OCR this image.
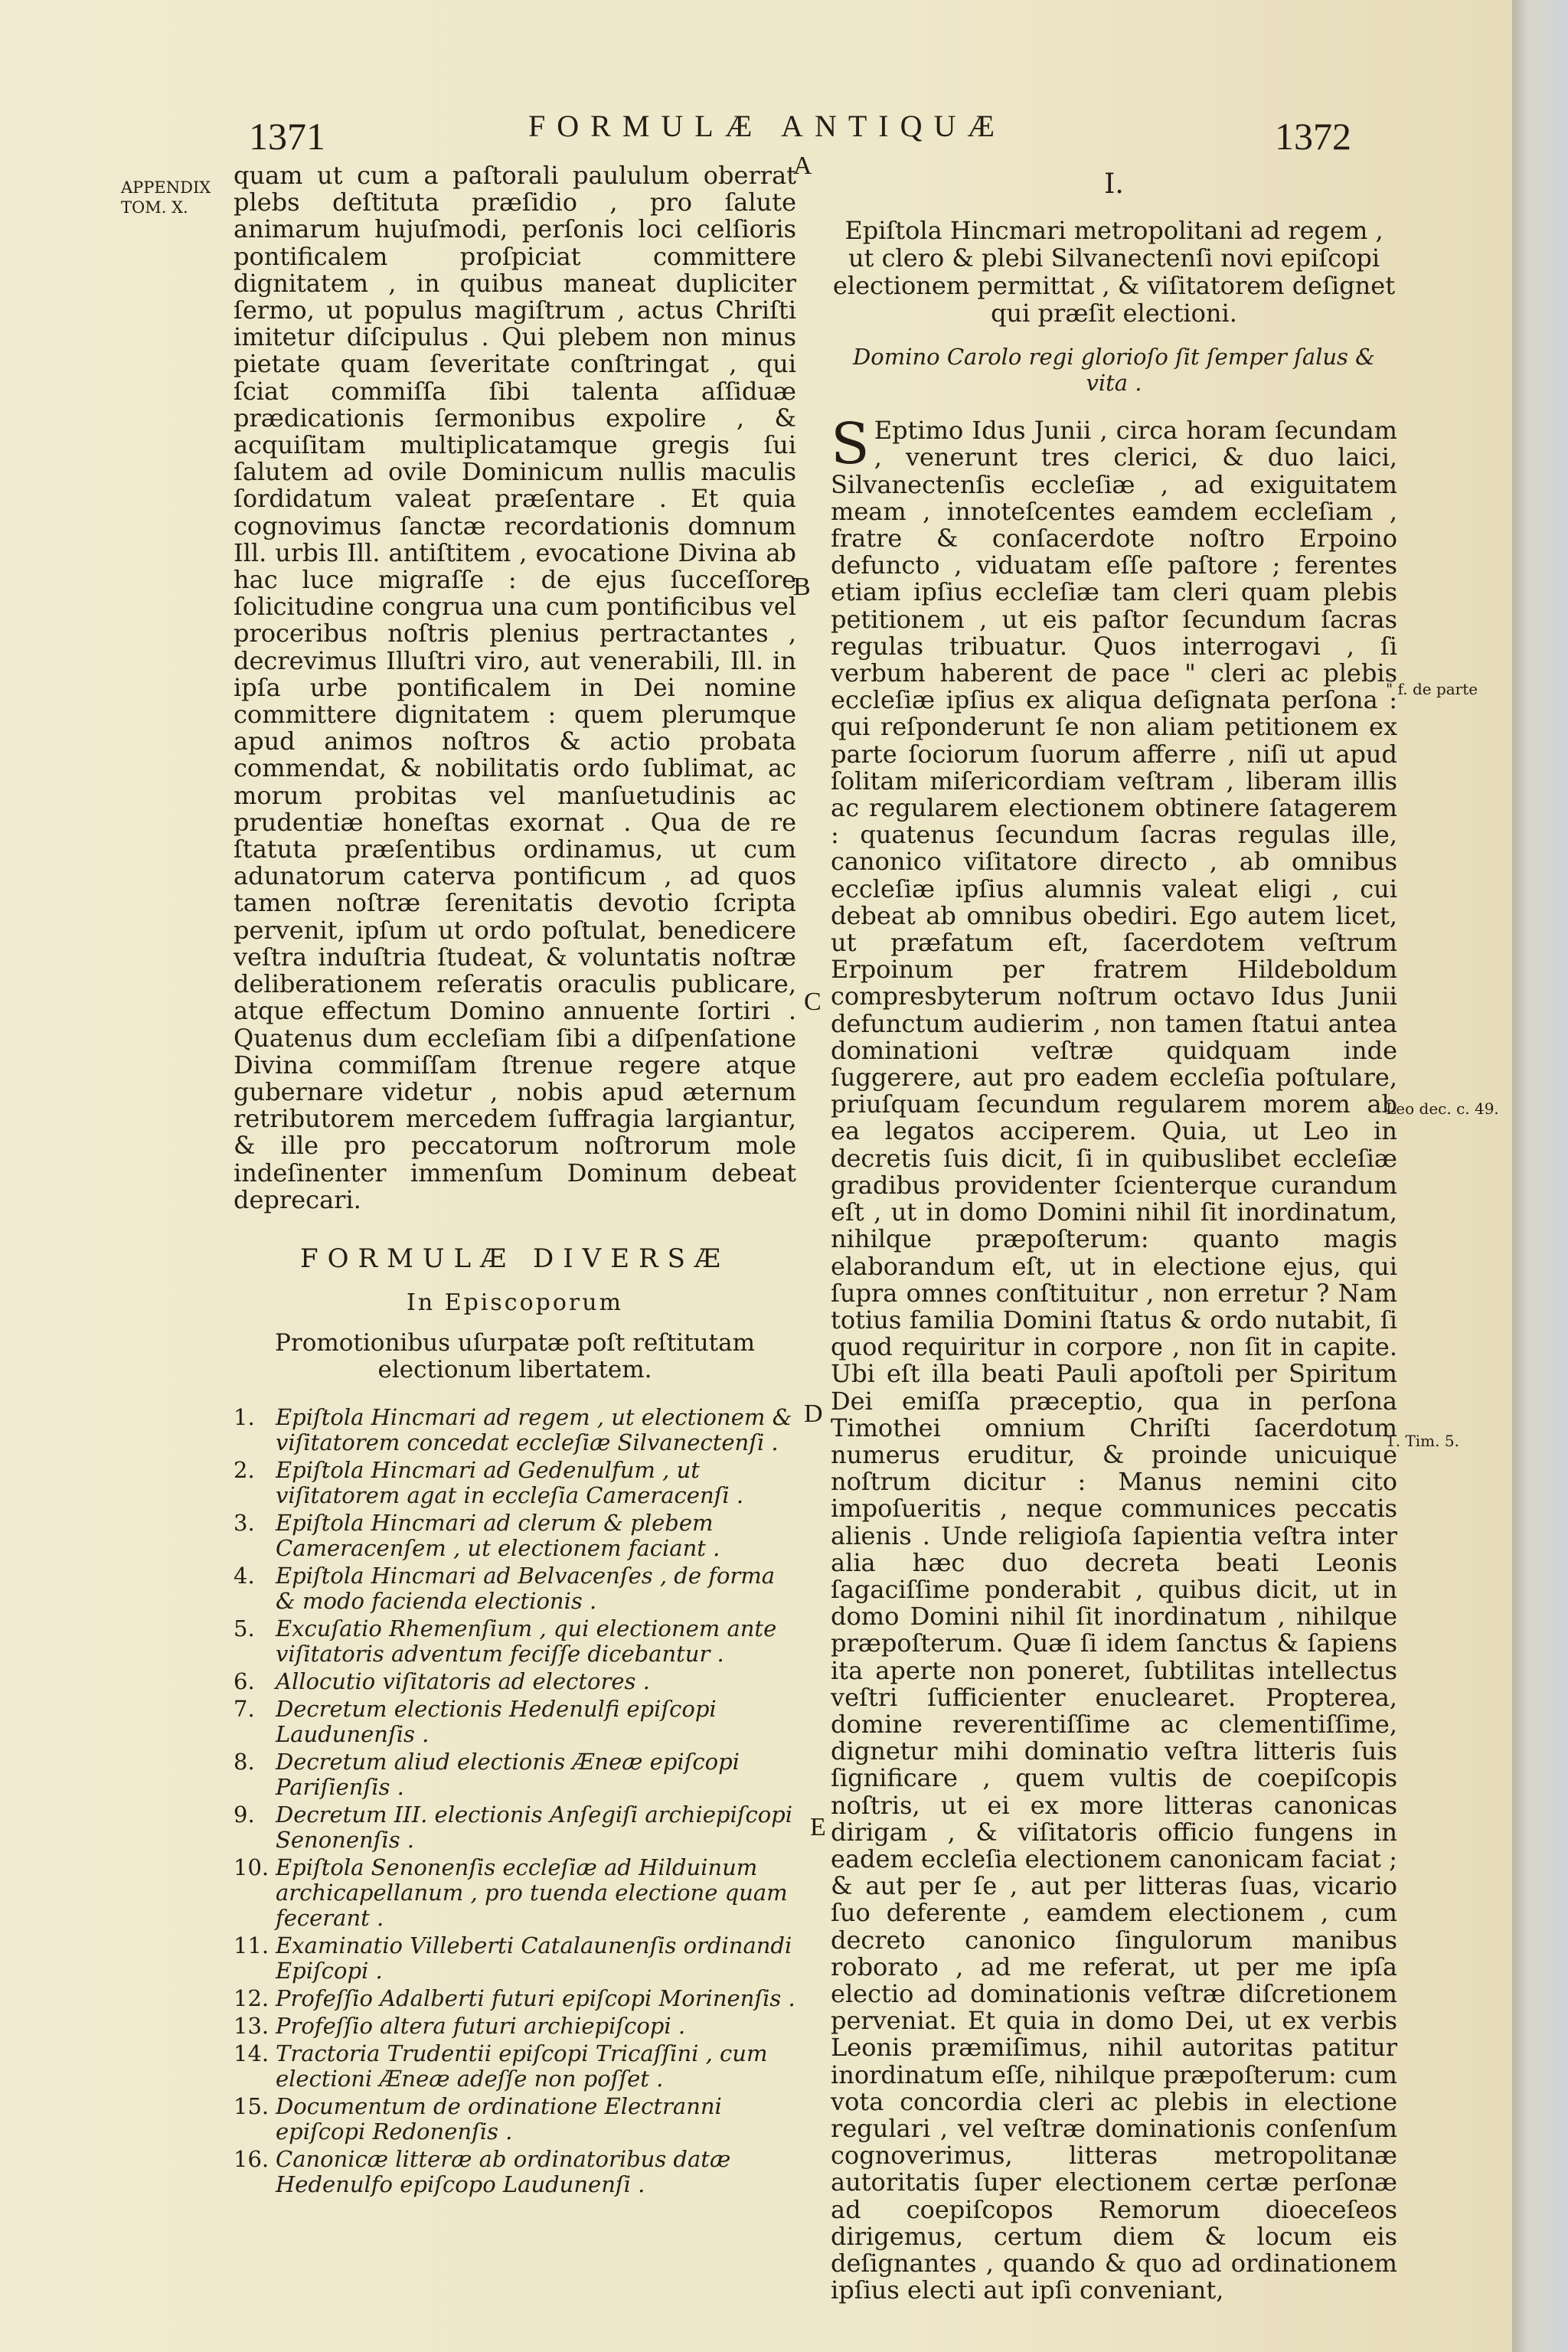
1371	FORMULÆ ANTIQUÆ	1372
APPENDIX
TOM. X.
A
B
C
D
E

quam ut cum a paſtorali paululum oberrat plebs deſtituta præſidio , pro ſalute animarum hujuſmodi, perſonis loci celſioris pontificalem proſpiciat committere dignitatem , in quibus maneat dupliciter ſermo, ut populus magiſtrum , actus Chriſti imitetur diſcipulus . Qui plebem non minus pietate quam ſeveritate conſtringat , qui ſciat commiſſa ſibi talenta aſſiduæ prædicationis ſermonibus expolire , & acquiſitam multiplicatamque gregis ſui ſalutem ad ovile Dominicum nullis maculis ſordidatum valeat præſentare . Et quia cognovimus ſanctæ recordationis domnum Ill. urbis Ill. antiſtitem , evocatione Divina ab hac luce migraſſe : de ejus ſucceſſore ſolicitudine congrua una cum pontificibus vel proceribus noſtris plenius pertractantes , decrevimus Illuſtri viro, aut venerabili, Ill. in ipſa urbe pontificalem in Dei nomine committere dignitatem : quem plerumque apud animos noſtros & actio probata commendat, & nobilitatis ordo ſublimat, ac morum probitas vel manſuetudinis ac prudentiæ honeſtas exornat . Qua de re ſtatuta præſentibus ordinamus, ut cum adunatorum caterva pontificum , ad quos tamen noſtræ ſerenitatis devotio ſcripta pervenit, ipſum ut ordo poſtulat, benedicere veſtra induſtria ſtudeat, & voluntatis noſtræ deliberationem reſeratis oraculis publicare, atque effectum Domino annuente ſortiri . Quatenus dum eccleſiam ſibi a diſpenſatione Divina commiſſam ſtrenue regere atque gubernare videtur , nobis apud æternum retributorem mercedem ſuffragia largiantur, & ille pro peccatorum noſtrorum mole indeſinenter immenſum Dominum debeat deprecari.

FORMULÆ DIVERSÆ
In Episcoporum
Promotionibus uſurpatæ poſt reſtitutam electionum libertatem.
1. Epiſtola Hincmari ad regem , ut electionem & viſitatorem concedat eccleſiæ Silvanectenſi .
2. Epiſtola Hincmari ad Gedenulfum , ut viſitatorem agat in eccleſia Cameracenſi .
3. Epiſtola Hincmari ad clerum & plebem Cameracenſem , ut electionem faciant .
4. Epiſtola Hincmari ad Belvacenſes , de forma & modo facienda electionis .
5. Excuſatio Rhemenſium , qui electionem ante viſitatoris adventum feciſſe dicebantur .
6. Allocutio viſitatoris ad electores .
7. Decretum electionis Hedenulfi epiſcopi Laudunenſis .
8. Decretum aliud electionis Æneæ epiſcopi Pariſienſis .
9. Decretum III. electionis Anſegiſi archiepiſcopi Senonenſis .
10. Epiſtola Senonenſis eccleſiæ ad Hilduinum archicapellanum , pro tuenda electione quam fecerant .
11. Examinatio Villeberti Catalaunenſis ordinandi Epiſcopi .
12. Profeſſio Adalberti futuri epiſcopi Morinenſis .
13. Profeſſio altera futuri archiepiſcopi .
14. Tractoria Trudentii epiſcopi Tricaſſini , cum electioni Æneæ adeſſe non poſſet .
15. Documentum de ordinatione Electranni epiſcopi Redonenſis .
16. Canonicæ litteræ ab ordinatoribus datæ Hedenulfo epiſcopo Laudunenſi .
I.
Epiſtola Hincmari metropolitani ad regem , ut clero & plebi Silvanectenſi novi epiſcopi electionem permittat , & viſitatorem deſignet qui præſit electioni.
Domino Carolo regi glorioſo ſit ſemper ſalus & vita .

S Eptimo Idus Junii , circa horam ſecundam , venerunt tres clerici, & duo laici, Silvanectenſis eccleſiæ , ad exiguitatem meam , innoteſcentes eamdem eccleſiam , fratre & conſacerdote noſtro Erpoino defuncto , viduatam eſſe paſtore ; ferentes etiam ipſius eccleſiæ tam cleri quam plebis petitionem , ut eis paſtor ſecundum ſacras regulas tribuatur. Quos interrogavi , ſi verbum haberent de pace " cleri ac plebis eccleſiæ ipſius ex aliqua deſignata perſona : qui reſponderunt ſe non aliam petitionem ex parte ſociorum ſuorum afferre , niſi ut apud ſolitam miſericordiam veſtram , liberam illis ac regularem electionem obtinere ſatagerem : quatenus ſecundum ſacras regulas ille, canonico viſitatore directo , ab omnibus eccleſiæ ipſius alumnis valeat eligi , cui debeat ab omnibus obediri. Ego autem licet, ut præfatum eſt, ſacerdotem veſtrum Erpoinum per fratrem Hildeboldum compresbyterum noſtrum octavo Idus Junii defunctum audierim , non tamen ſtatui antea dominationi veſtræ quidquam inde ſuggerere, aut pro eadem eccleſia poſtulare, priuſquam ſecundum regularem morem ab ea legatos acciperem. Quia, ut Leo in decretis ſuis dicit, ſi in quibuslibet eccleſiæ gradibus providenter ſcienterque curandum eſt , ut in domo Domini nihil ſit inordinatum, nihilque præpoſterum: quanto magis elaborandum eſt, ut in electione ejus, qui ſupra omnes conſtituitur , non erretur ? Nam totius familia Domini ſtatus & ordo nutabit, ſi quod requiritur in corpore , non ſit in capite. Ubi eſt illa beati Pauli apoſtoli per Spiritum Dei emiſſa præceptio, qua in perſona Timothei omnium Chriſti ſacerdotum numerus eruditur, & proinde unicuique noſtrum dicitur : Manus nemini cito impoſueritis , neque communices peccatis alienis . Unde religioſa ſapientia veſtra inter alia hæc duo decreta beati Leonis ſagaciſſime ponderabit , quibus dicit, ut in domo Domini nihil ſit inordinatum , nihilque præpoſterum. Quæ ſi idem ſanctus & ſapiens ita aperte non poneret, ſubtilitas intellectus veſtri ſufficienter enuclearet. Propterea, domine reverentiſſime ac clementiſſime, dignetur mihi dominatio veſtra litteris ſuis ſignificare , quem vultis de coepiſcopis noſtris, ut ei ex more litteras canonicas dirigam , & viſitatoris officio fungens in eadem eccleſia electionem canonicam faciat ; & aut per ſe , aut per litteras ſuas, vicario ſuo deferente , eamdem electionem , cum decreto canonico ſingulorum manibus roborato , ad me referat, ut per me ipſa electio ad dominationis veſtræ diſcretionem perveniat. Et quia in domo Dei, ut ex verbis Leonis præmiſimus, nihil autoritas patitur inordinatum eſſe, nihilque præpoſterum: cum vota concordia cleri ac plebis in electione regulari , vel veſtræ dominationis conſenſum cognoverimus, litteras metropolitanæ autoritatis ſuper electionem certæ perſonæ ad coepiſcopos Remorum dioeceſeos dirigemus, certum diem & locum eis deſignantes , quando & quo ad ordinationem ipſius electi aut ipſi conveniant,

" f. de parte
Leo dec. c. 49.
1. Tim. 5.
